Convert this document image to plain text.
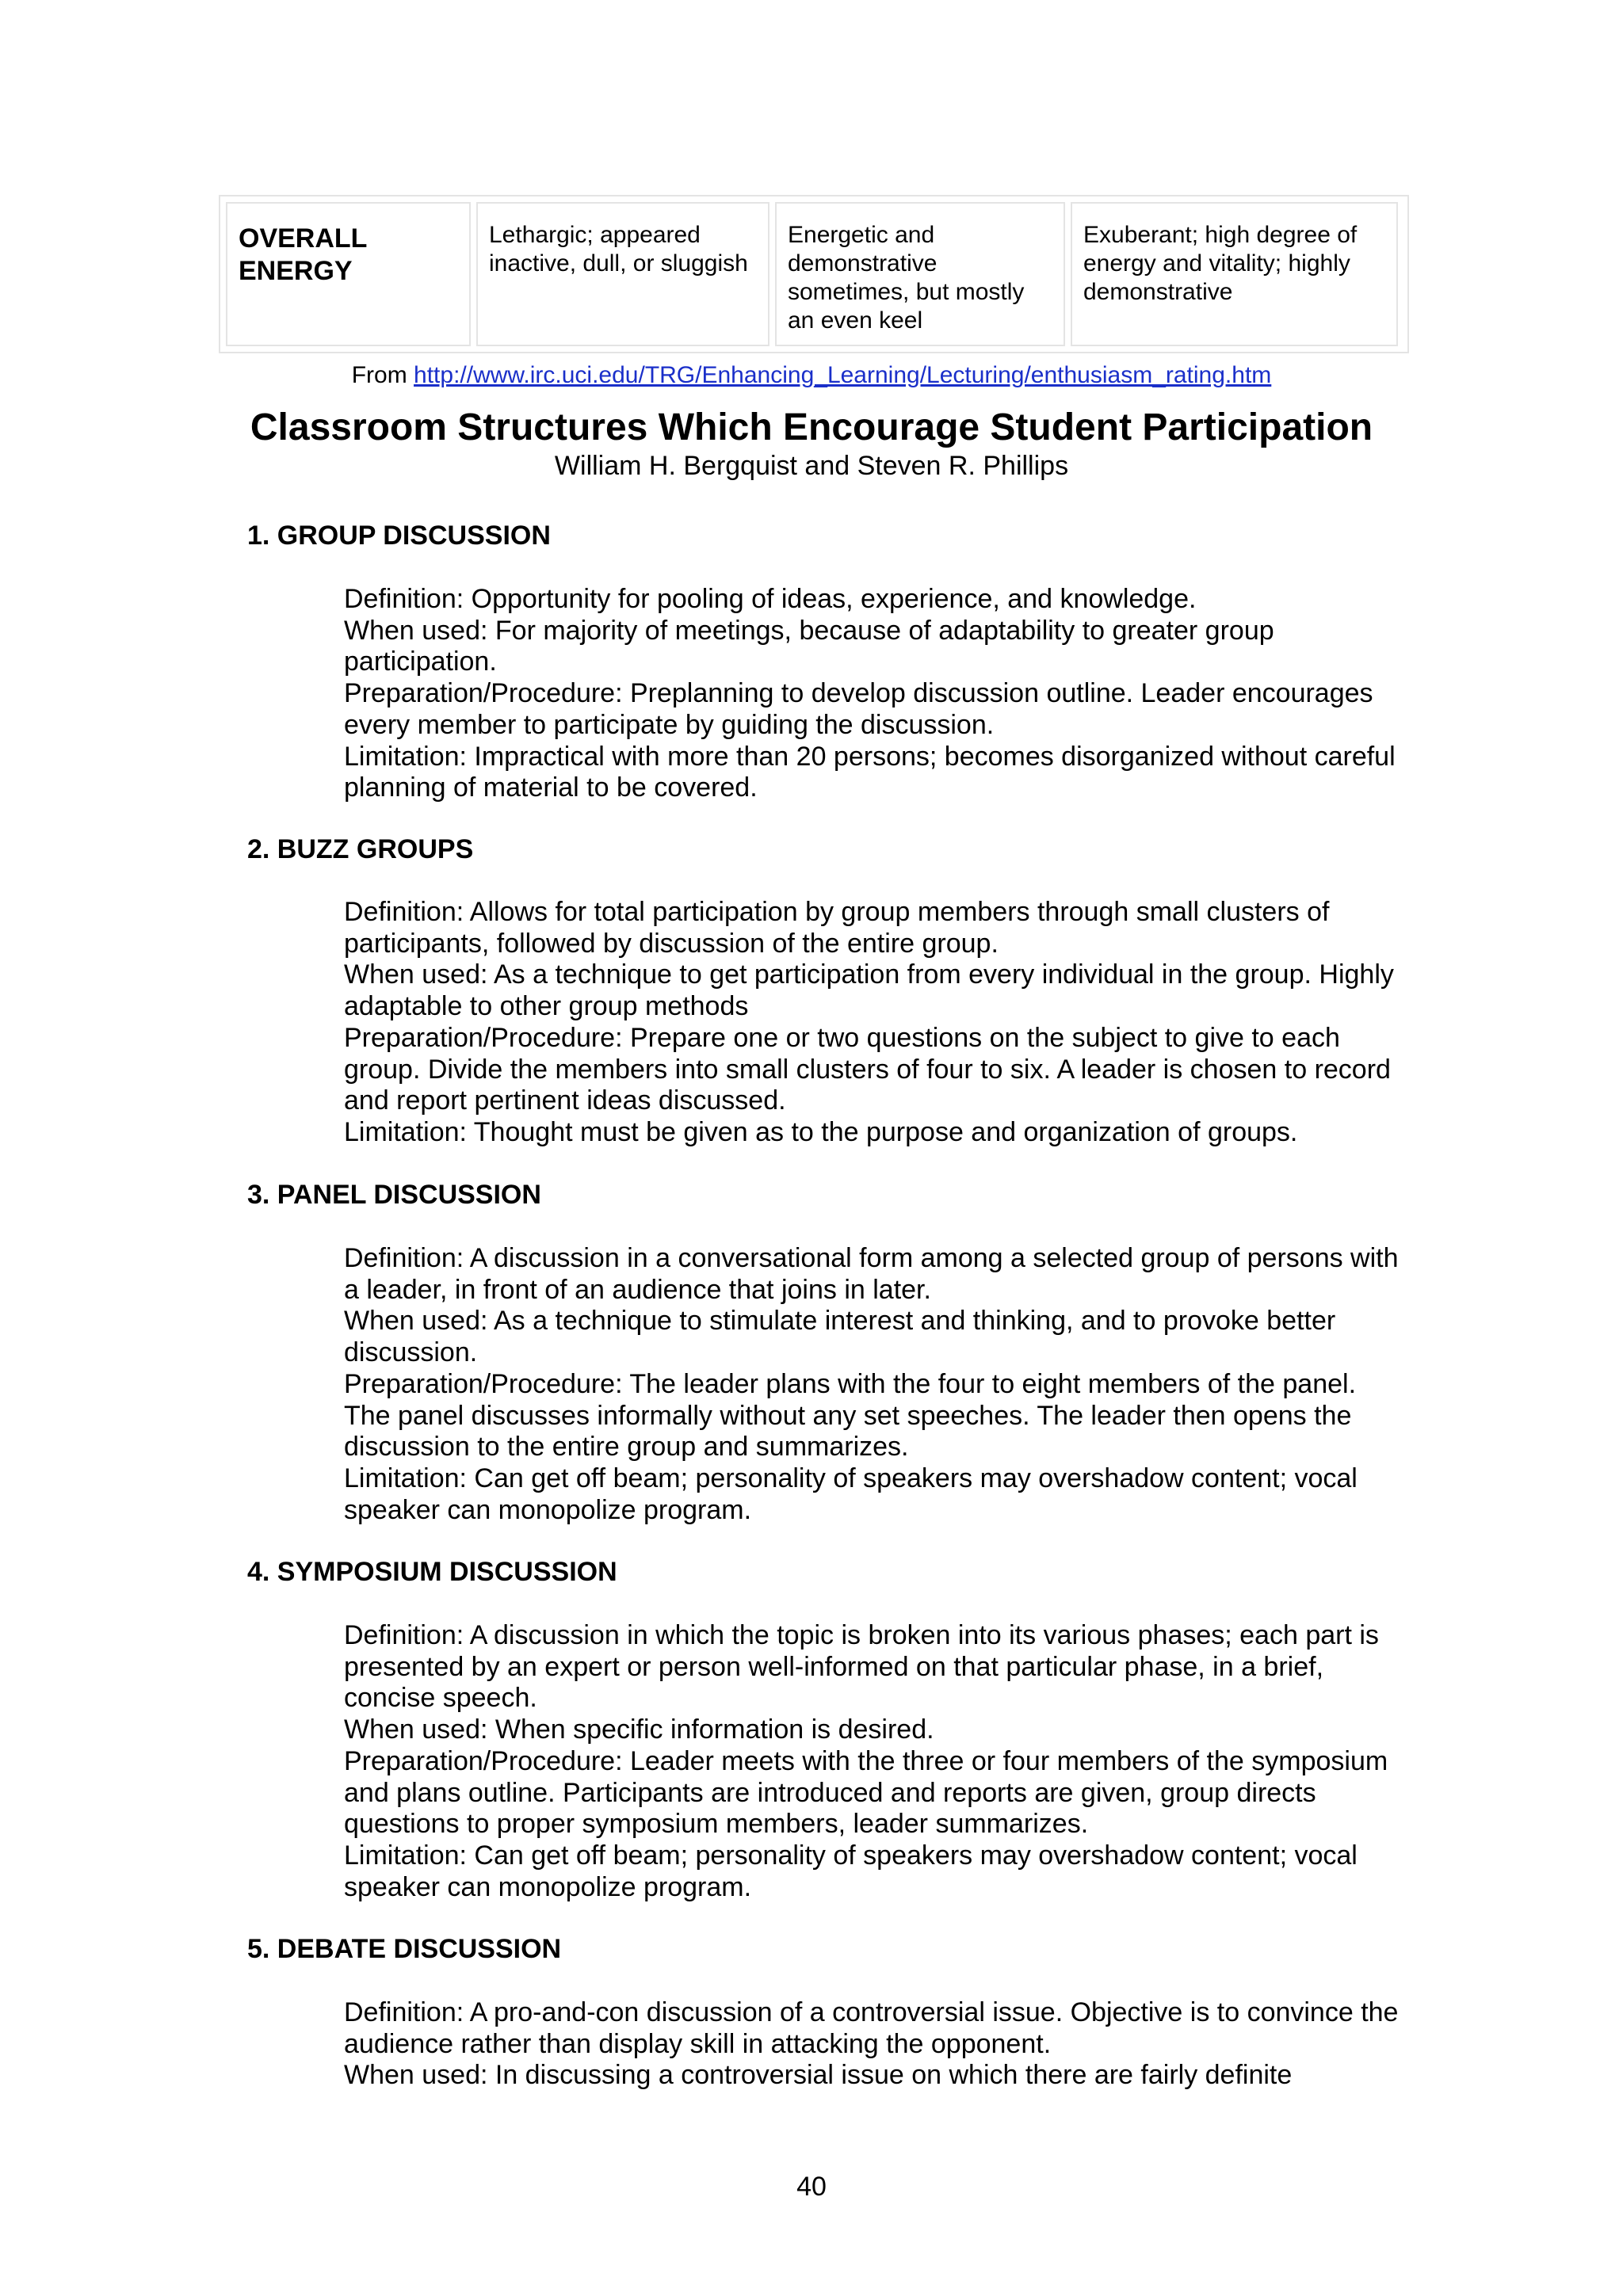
OVERALL ENERGY
Lethargic; appeared inactive, dull, or sluggish
Energetic and demonstrative sometimes, but mostly an even keel
Exuberant; high degree of energy and vitality; highly demonstrative
From http://www.irc.uci.edu/TRG/Enhancing_Learning/Lecturing/enthusiasm_rating.htm
Classroom Structures Which Encourage Student Participation
William H. Bergquist and Steven R. Phillips
1. GROUP DISCUSSION

Definition: Opportunity for pooling of ideas, experience, and knowledge.

When used: For majority of meetings, because of adaptability to greater group participation.

Preparation/Procedure: Preplanning to develop discussion outline. Leader encourages every member to participate by guiding the discussion.

Limitation: Impractical with more than 20 persons; becomes disorganized without careful planning of material to be covered.

2. BUZZ GROUPS

Definition: Allows for total participation by group members through small clusters of participants, followed by discussion of the entire group.

When used: As a technique to get participation from every individual in the group. Highly adaptable to other group methods

Preparation/Procedure: Prepare one or two questions on the subject to give to each group. Divide the members into small clusters of four to six. A leader is chosen to record and report pertinent ideas discussed.

Limitation: Thought must be given as to the purpose and organization of groups.

3. PANEL DISCUSSION

Definition: A discussion in a conversational form among a selected group of persons with a leader, in front of an audience that joins in later.

When used: As a technique to stimulate interest and thinking, and to provoke better discussion.

Preparation/Procedure: The leader plans with the four to eight members of the panel. The panel discusses informally without any set speeches. The leader then opens the discussion to the entire group and summarizes.

Limitation: Can get off beam; personality of speakers may overshadow content; vocal speaker can monopolize program.

4. SYMPOSIUM DISCUSSION

Definition: A discussion in which the topic is broken into its various phases; each part is presented by an expert or person well-informed on that particular phase, in a brief, concise speech.

When used: When specific information is desired.

Preparation/Procedure: Leader meets with the three or four members of the symposium and plans outline. Participants are introduced and reports are given, group directs questions to proper symposium members, leader summarizes.

Limitation: Can get off beam; personality of speakers may overshadow content; vocal speaker can monopolize program.

5. DEBATE DISCUSSION

Definition: A pro-and-con discussion of a controversial issue. Objective is to convince the audience rather than display skill in attacking the opponent.

When used: In discussing a controversial issue on which there are fairly definite

40
